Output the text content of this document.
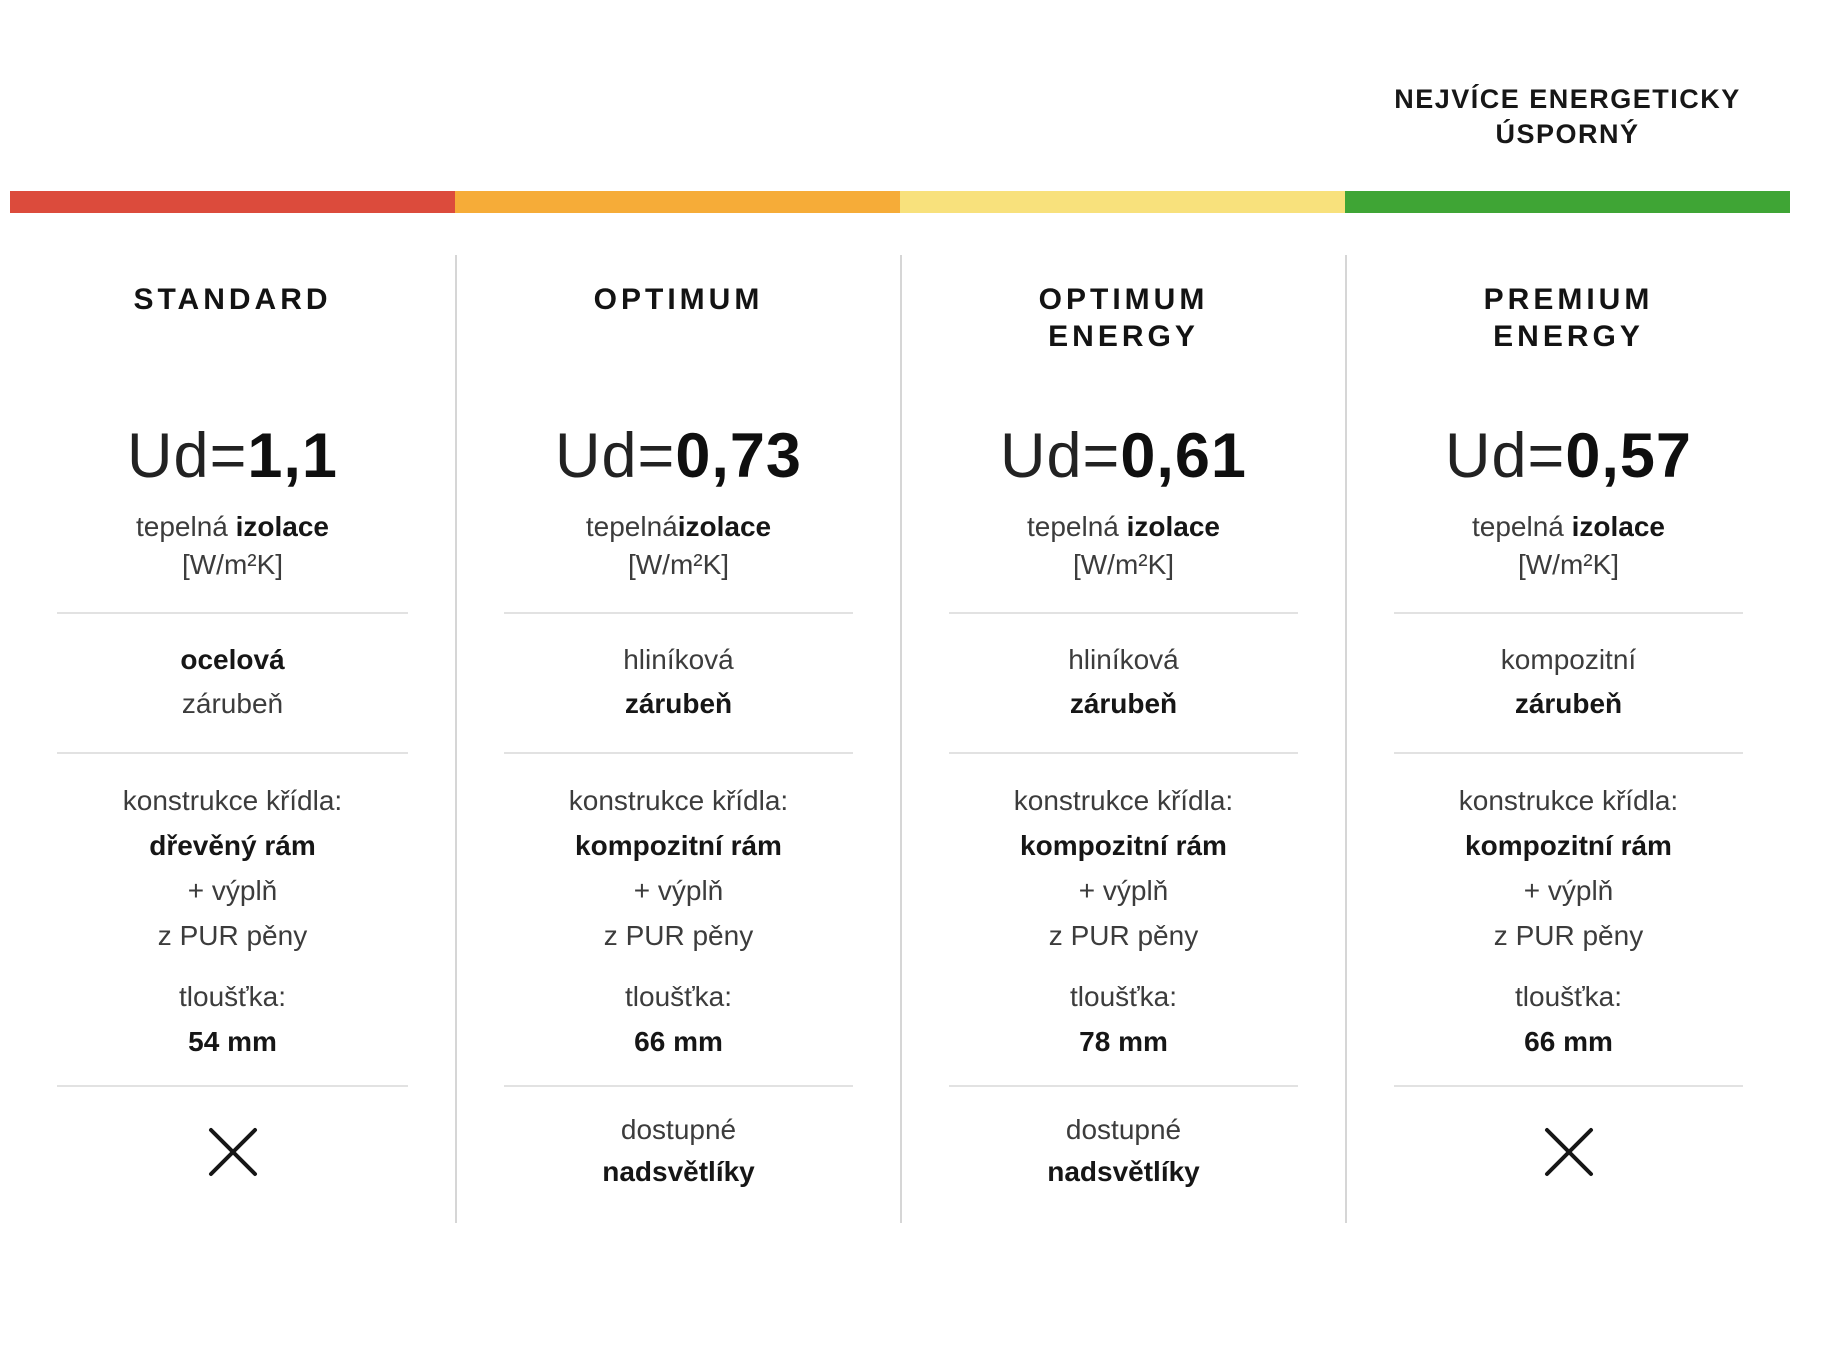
NEJVÍCE ENERGETICKY
ÚSPORNÝ
STANDARD
Ud=1,1
tepelná izolace
[W/m²K]
ocelová
zárubeň
konstrukce křídla:
dřevěný rám
+ výplň
z PUR pěny
tloušťka:
54 mm
OPTIMUM
Ud=0,73
tepelnáizolace
[W/m²K]
hliníková
zárubeň
konstrukce křídla:
kompozitní rám
+ výplň
z PUR pěny
tloušťka:
66 mm
dostupné
nadsvětlíky
OPTIMUM
ENERGY
Ud=0,61
tepelná izolace
[W/m²K]
hliníková
zárubeň
konstrukce křídla:
kompozitní rám
+ výplň
z PUR pěny
tloušťka:
78 mm
dostupné
nadsvětlíky
PREMIUM
ENERGY
Ud=0,57
tepelná izolace
[W/m²K]
kompozitní
zárubeň
konstrukce křídla:
kompozitní rám
+ výplň
z PUR pěny
tloušťka:
66 mm
